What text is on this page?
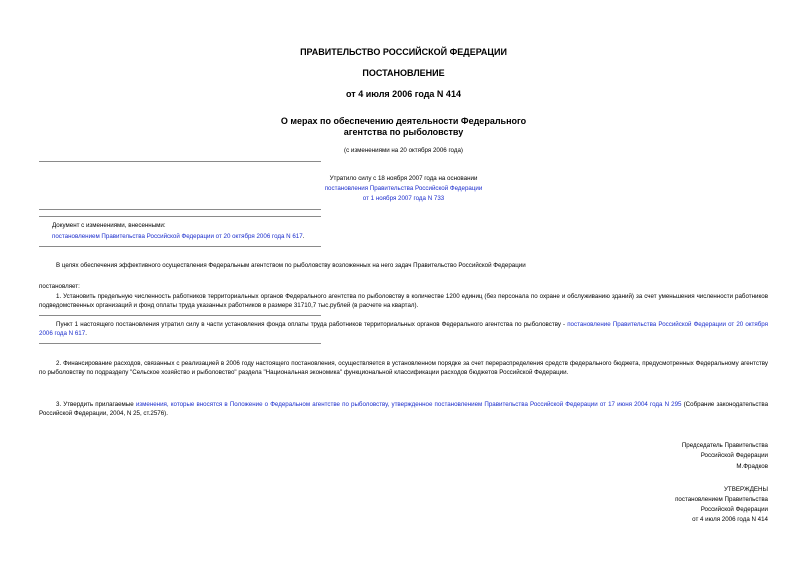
ПРАВИТЕЛЬСТВО РОССИЙСКОЙ ФЕДЕРАЦИИ
ПОСТАНОВЛЕНИЕ
от 4 июля 2006 года N 414
О мерах по обеспечению деятельности Федерального
агентства по рыболовству
(с изменениями на 20 октября 2006 года)
Утратило силу с 18 ноября 2007 года на основании
постановления Правительства Российской Федерации
от 1 ноября 2007 года N 733
Документ с изменениями, внесенными:
постановлением Правительства Российской Федерации от 20 октября 2006 года N 617.
В целях обеспечения эффективного осуществления Федеральным агентством по рыболовству возложенных на него задач Правительство Российской Федерации
постановляет:
1. Установить предельную численность работников территориальных органов Федерального агентства по рыболовству в количестве 1200 единиц (без персонала по охране и обслуживанию зданий) за счет уменьшения численности работников подведомственных организаций и фонд оплаты труда указанных работников в размере 31710,7 тыс.рублей (в расчете на квартал).
Пункт 1 настоящего постановления утратил силу в части установления фонда оплаты труда работников территориальных органов Федерального агентства по рыболовству - постановление Правительства Российской Федерации от 20 октября 2006 года N 617.
2. Финансирование расходов, связанных с реализацией в 2006 году настоящего постановления, осуществляется в установленном порядке за счет перераспределения средств федерального бюджета, предусмотренных Федеральному агентству по рыболовству по подразделу "Сельское хозяйство и рыболовство" раздела "Национальная экономика" функциональной классификации расходов бюджетов Российской Федерации.
3. Утвердить прилагаемые изменения, которые вносятся в Положение о Федеральном агентстве по рыболовству, утвержденное постановлением Правительства Российской Федерации от 17 июня 2004 года N 295 (Собрание законодательства Российской Федерации, 2004, N 25, ст.2576).
Председатель Правительства
Российской Федерации
М.Фрадков
УТВЕРЖДЕНЫ
постановлением Правительства
Российской Федерации
от 4 июля 2006 года N 414
